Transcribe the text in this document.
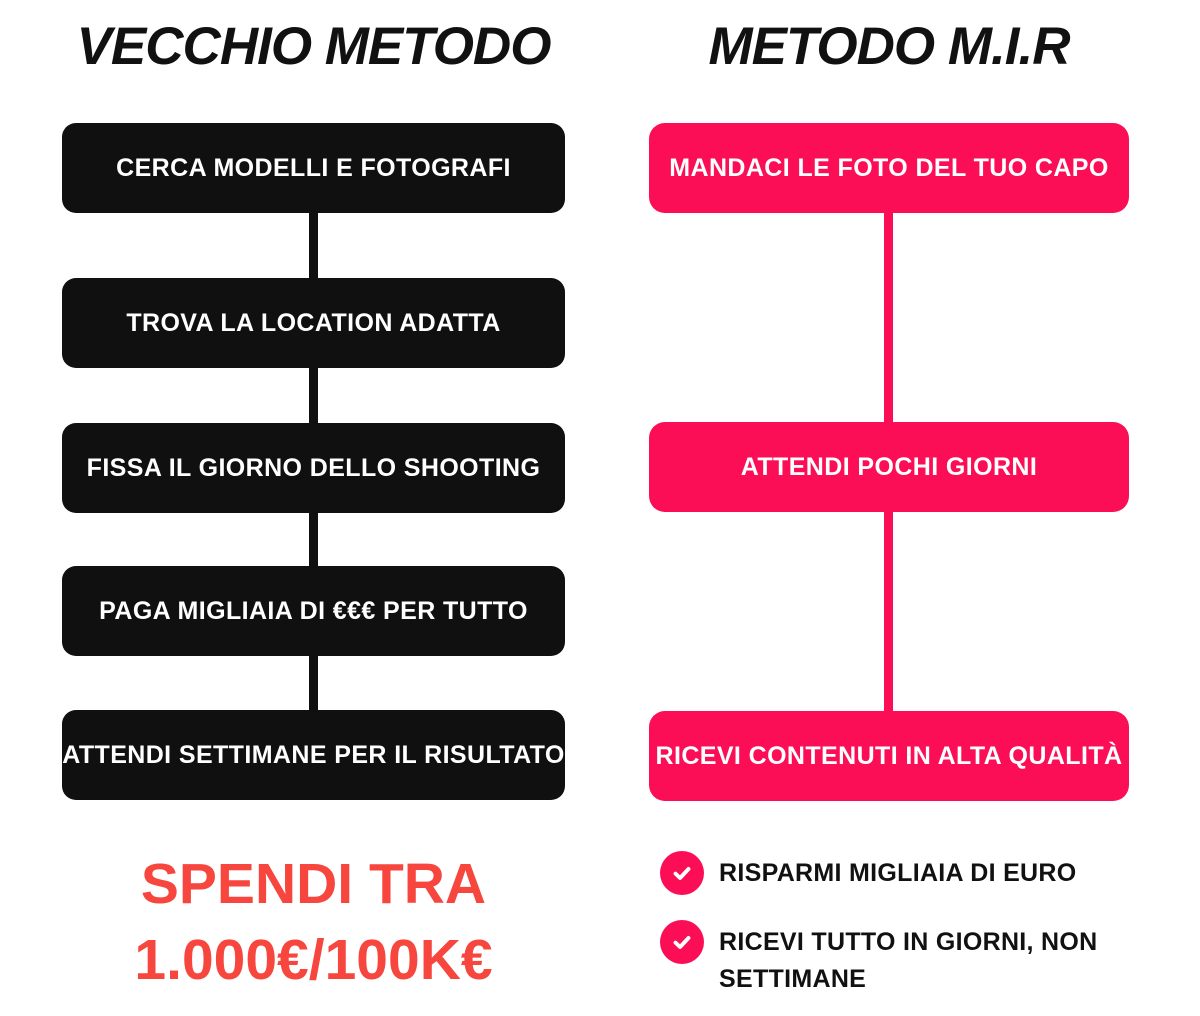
VECCHIO METODO	METODO M.I.R
CERCA MODELLI E FOTOGRAFI
TROVA LA LOCATION ADATTA
FISSA IL GIORNO DELLO SHOOTING
PAGA MIGLIAIA DI €€€ PER TUTTO
ATTENDI SETTIMANE PER IL RISULTATO
MANDACI LE FOTO DEL TUO CAPO
ATTENDI POCHI GIORNI
RICEVI CONTENUTI IN ALTA QUALITÀ
SPENDI TRA
1.000€/100K€
RISPARMI MIGLIAIA DI EURO
RICEVI TUTTO IN GIORNI, NON SETTIMANE
